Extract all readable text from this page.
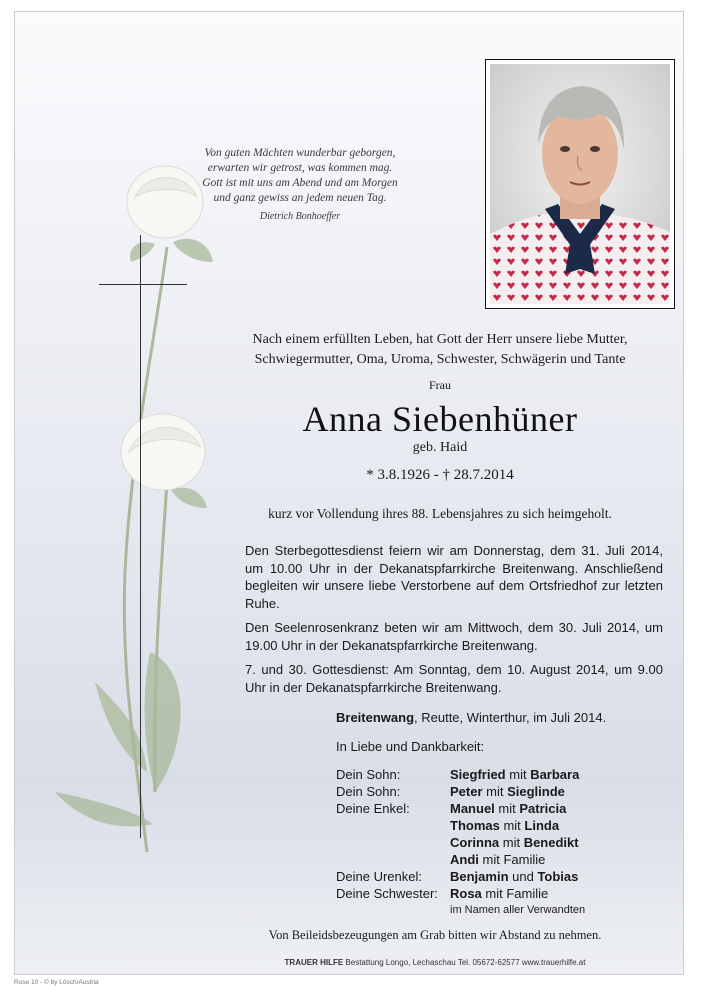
Von guten Mächten wunderbar geborgen,
erwarten wir getrost, was kommen mag.
Gott ist mit uns am Abend und am Morgen
und ganz gewiss an jedem neuen Tag.
Dietrich Bonhoeffer
Nach einem erfüllten Leben, hat Gott der Herr unsere liebe Mutter, Schwiegermutter, Oma, Uroma, Schwester, Schwägerin und Tante
Frau
Anna Siebenhüner
geb. Haid
* 3.8.1926 - † 28.7.2014
kurz vor Vollendung ihres 88. Lebensjahres zu sich heimgeholt.

Den Sterbegottesdienst feiern wir am Donnerstag, dem 31. Juli 2014, um 10.00 Uhr in der Dekanatspfarrkirche Breitenwang. Anschließend begleiten wir unsere liebe Verstorbene auf dem Ortsfriedhof zur letzten Ruhe.

Den Seelenrosenkranz beten wir am Mittwoch, dem 30. Juli 2014, um 19.00 Uhr in der Dekanatspfarrkirche Breitenwang.

7. und 30. Gottesdienst: Am Sonntag, dem 10. August 2014, um 9.00 Uhr in der Dekanatspfarrkirche Breitenwang.

Breitenwang, Reutte, Winterthur, im Juli 2014.
In Liebe und Dankbarkeit:
Dein Sohn:	Siegfried mit Barbara
Dein Sohn:	Peter mit Sieglinde
Deine Enkel:	Manuel mit Patricia
Thomas mit Linda
Corinna mit Benedikt
Andi mit Familie
Deine Urenkel:	Benjamin und Tobias
Deine Schwester: Rosa mit Familie
im Namen aller Verwandten
Von Beileidsbezeugungen am Grab bitten wir Abstand zu nehmen.
TRAUER HILFE Bestattung Longo, Lechaschau Tel. 05672-62577 www.trauerhilfe.at
Rose 10 - © by Lösch/Austria
